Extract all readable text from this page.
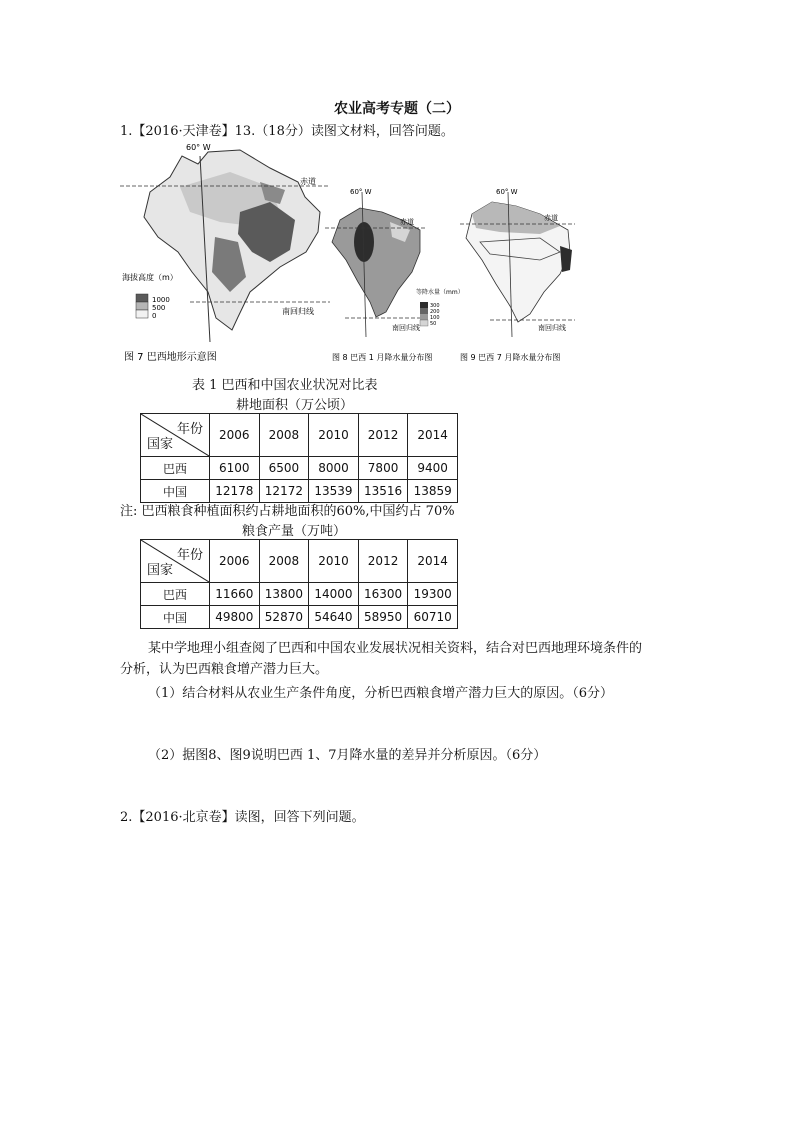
农业高考专题（二）
1.【2016·天津卷】13.（18分）读图文材料，回答问题。
60° W
赤道
南回归线
海拔高度（m）
1000
500
0
图 7 巴西地形示意图
60° W
赤道
南回归线
等降水量（mm）
300
200
100
50
图 8 巴西 1 月降水量分布图
60° W
赤道
南回归线
图 9 巴西 7 月降水量分布图
表 1 巴西和中国农业状况对比表
耕地面积（万公顷）
年份
国家	2006	2008	2010	2012	2014
巴西	6100	6500	8000	7800	9400
中国	12178	12172	13539	13516	13859
注: 巴西粮食种植面积约占耕地面积的60%,中国约占 70%
粮食产量（万吨）
年份
国家	2006	2008	2010	2012	2014
巴西	11660	13800	14000	16300	19300
中国	49800	52870	54640	58950	60710
某中学地理小组查阅了巴西和中国农业发展状况相关资料，结合对巴西地理环境条件的
分析，认为巴西粮食增产潜力巨大。
（1）结合材料从农业生产条件角度，分析巴西粮食增产潜力巨大的原因。（6分）
（2）据图8、图9说明巴西 1、7月降水量的差异并分析原因。（6分）
2.【2016·北京卷】读图，回答下列问题。
